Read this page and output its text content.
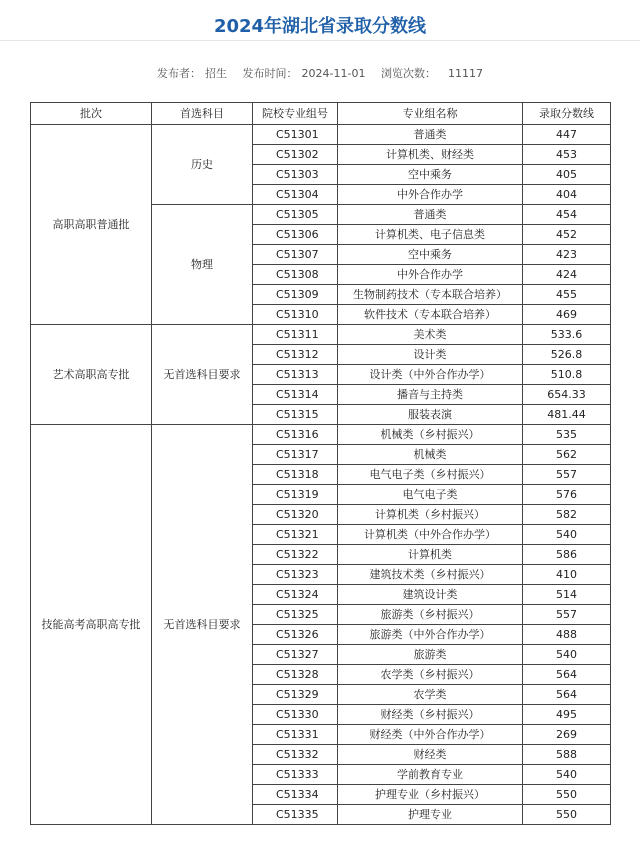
2024年湖北省录取分数线
发布者： 招生 发布时间： 2024-11-01 浏览次数： 11117
批次	首选科目	院校专业组号	专业组名称	录取分数线
高职高职普通批	历史	C51301	普通类	447
		C51302	计算机类、财经类	453
		C51303	空中乘务	405
		C51304	中外合作办学	404
	物理	C51305	普通类	454
		C51306	计算机类、电子信息类	452
		C51307	空中乘务	423
		C51308	中外合作办学	424
		C51309	生物制药技术（专本联合培养）	455
		C51310	软件技术（专本联合培养）	469
艺术高职高专批	无首选科目要求	C51311	美术类	533.6
		C51312	设计类	526.8
		C51313	设计类（中外合作办学）	510.8
		C51314	播音与主持类	654.33
		C51315	服装表演	481.44
技能高考高职高专批	无首选科目要求	C51316	机械类（乡村振兴）	535
		C51317	机械类	562
		C51318	电气电子类（乡村振兴）	557
		C51319	电气电子类	576
		C51320	计算机类（乡村振兴）	582
		C51321	计算机类（中外合作办学）	540
		C51322	计算机类	586
		C51323	建筑技术类（乡村振兴）	410
		C51324	建筑设计类	514
		C51325	旅游类（乡村振兴）	557
		C51326	旅游类（中外合作办学）	488
		C51327	旅游类	540
		C51328	农学类（乡村振兴）	564
		C51329	农学类	564
		C51330	财经类（乡村振兴）	495
		C51331	财经类（中外合作办学）	269
		C51332	财经类	588
		C51333	学前教育专业	540
		C51334	护理专业（乡村振兴）	550
		C51335	护理专业	550
